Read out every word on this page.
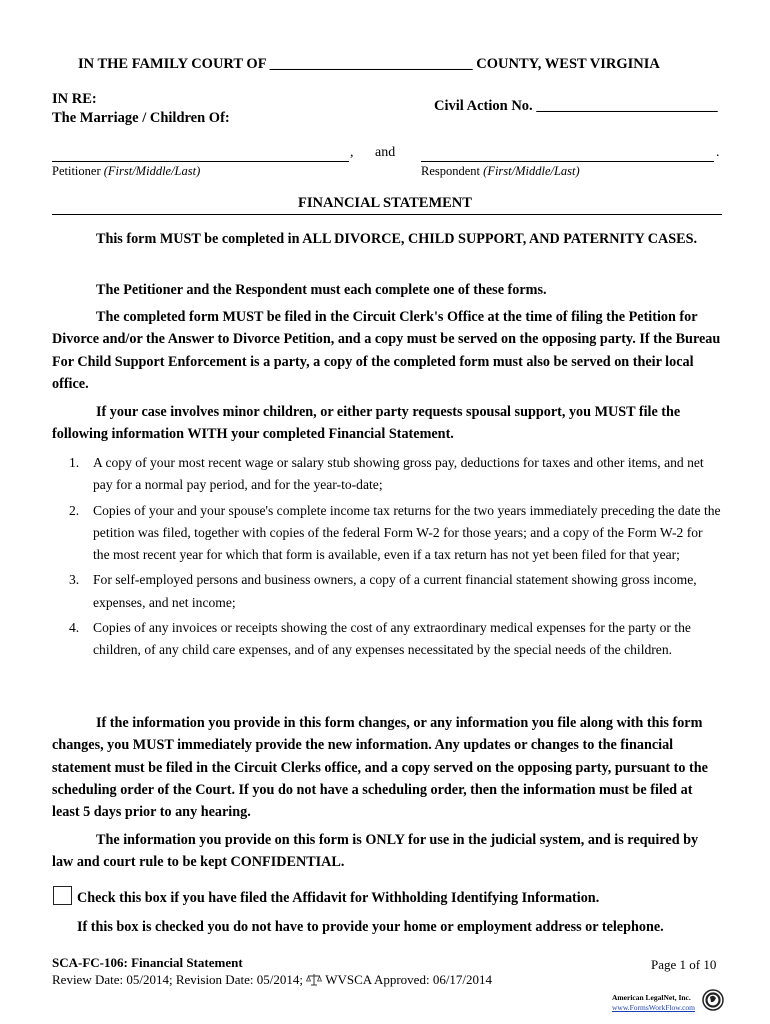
IN THE FAMILY COURT OF ____________________________ COUNTY, WEST VIRGINIA
IN RE:
The Marriage / Children Of:
Civil Action No. _________________________
, and	.
Petitioner (First/Middle/Last)	Respondent (First/Middle/Last)
FINANCIAL STATEMENT
This form MUST be completed in ALL DIVORCE, CHILD SUPPORT, AND PATERNITY CASES.
The Petitioner and the Respondent must each complete one of these forms.
The completed form MUST be filed in the Circuit Clerk's Office at the time of filing the Petition for Divorce and/or the Answer to Divorce Petition, and a copy must be served on the opposing party. If the Bureau For Child Support Enforcement is a party, a copy of the completed form must also be served on their local office.
If your case involves minor children, or either party requests spousal support, you MUST file the following information WITH your completed Financial Statement.
1. A copy of your most recent wage or salary stub showing gross pay, deductions for taxes and other items, and net pay for a normal pay period, and for the year-to-date;
2. Copies of your and your spouse's complete income tax returns for the two years immediately preceding the date the petition was filed, together with copies of the federal Form W-2 for those years; and a copy of the Form W-2 for the most recent year for which that form is available, even if a tax return has not yet been filed for that year;
3. For self-employed persons and business owners, a copy of a current financial statement showing gross income, expenses, and net income;
4. Copies of any invoices or receipts showing the cost of any extraordinary medical expenses for the party or the children, of any child care expenses, and of any expenses necessitated by the special needs of the children.
If the information you provide in this form changes, or any information you file along with this form changes, you MUST immediately provide the new information. Any updates or changes to the financial statement must be filed in the Circuit Clerks office, and a copy served on the opposing party, pursuant to the scheduling order of the Court. If you do not have a scheduling order, then the information must be filed at least 5 days prior to any hearing.
The information you provide on this form is ONLY for use in the judicial system, and is required by law and court rule to be kept CONFIDENTIAL.
Check this box if you have filed the Affidavit for Withholding Identifying Information.
If this box is checked you do not have to provide your home or employment address or telephone.
SCA-FC-106: Financial Statement
Review Date: 05/2014; Revision Date: 05/2014; WVSCA Approved: 06/17/2014
Page 1 of 10
American LegalNet, Inc.
www.FormsWorkFlow.com
